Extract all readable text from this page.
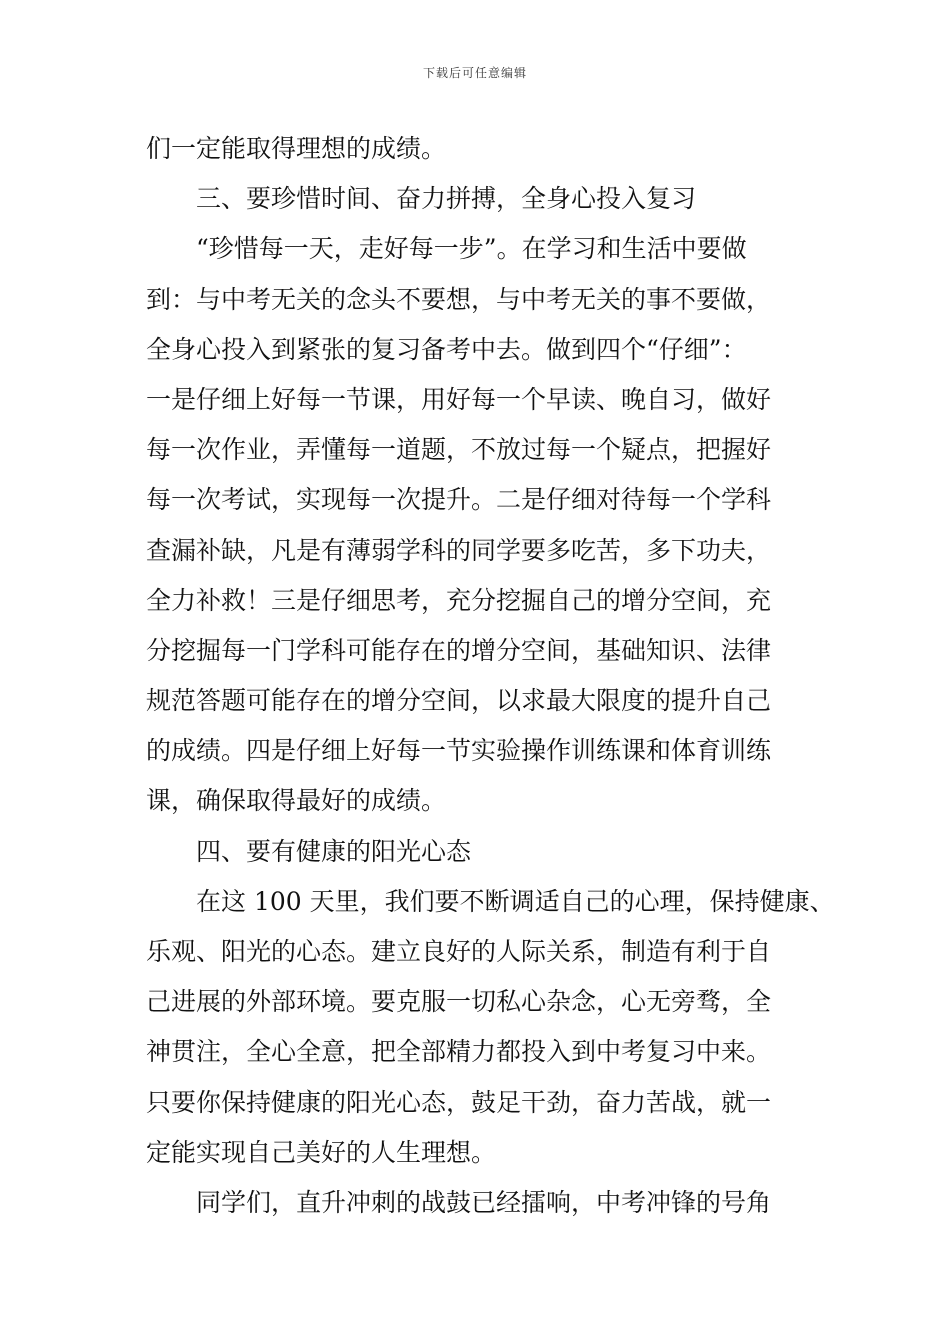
下载后可任意编辑
们一定能取得理想的成绩。
三、要珍惜时间、奋力拼搏，全身心投入复习
“珍惜每一天，走好每一步”。在学习和生活中要做
到：与中考无关的念头不要想，与中考无关的事不要做，
全身心投入到紧张的复习备考中去。做到四个“仔细”：
一是仔细上好每一节课，用好每一个早读、晚自习，做好
每一次作业，弄懂每一道题，不放过每一个疑点，把握好
每一次考试，实现每一次提升。二是仔细对待每一个学科
查漏补缺，凡是有薄弱学科的同学要多吃苦，多下功夫，
全力补救！三是仔细思考，充分挖掘自己的增分空间，充
分挖掘每一门学科可能存在的增分空间，基础知识、法律
规范答题可能存在的增分空间，以求最大限度的提升自己
的成绩。四是仔细上好每一节实验操作训练课和体育训练
课，确保取得最好的成绩。
四、要有健康的阳光心态
在这 100 天里，我们要不断调适自己的心理，保持健康、
乐观、阳光的心态。建立良好的人际关系，制造有利于自
己进展的外部环境。要克服一切私心杂念，心无旁骛，全
神贯注，全心全意，把全部精力都投入到中考复习中来。
只要你保持健康的阳光心态，鼓足干劲，奋力苦战，就一
定能实现自己美好的人生理想。
同学们，直升冲刺的战鼓已经擂响，中考冲锋的号角
